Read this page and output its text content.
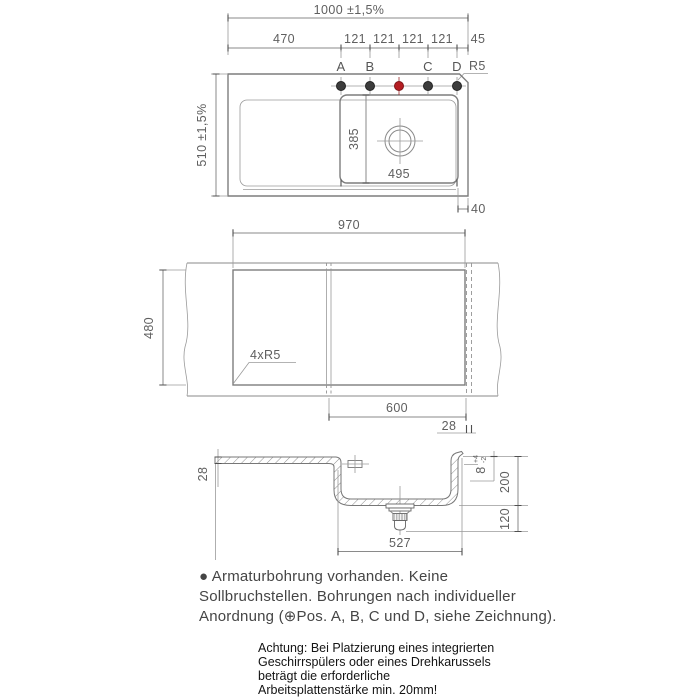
1000 ±1,5%
470	121 121 121 121 45
A B	C D R5
495
385
510 ±1,5%
40
970
480
4xR5
600
28
8
+4 -2
200
120
28
527
● Armaturbohrung vorhanden. Keine
Sollbruchstellen. Bohrungen nach individueller
Anordnung (⊕Pos. A, B, C und D, siehe Zeichnung).
Achtung: Bei Platzierung eines integrierten
Geschirrspülers oder eines Drehkarussels
beträgt die erforderliche
Arbeitsplattenstärke min. 20mm!
